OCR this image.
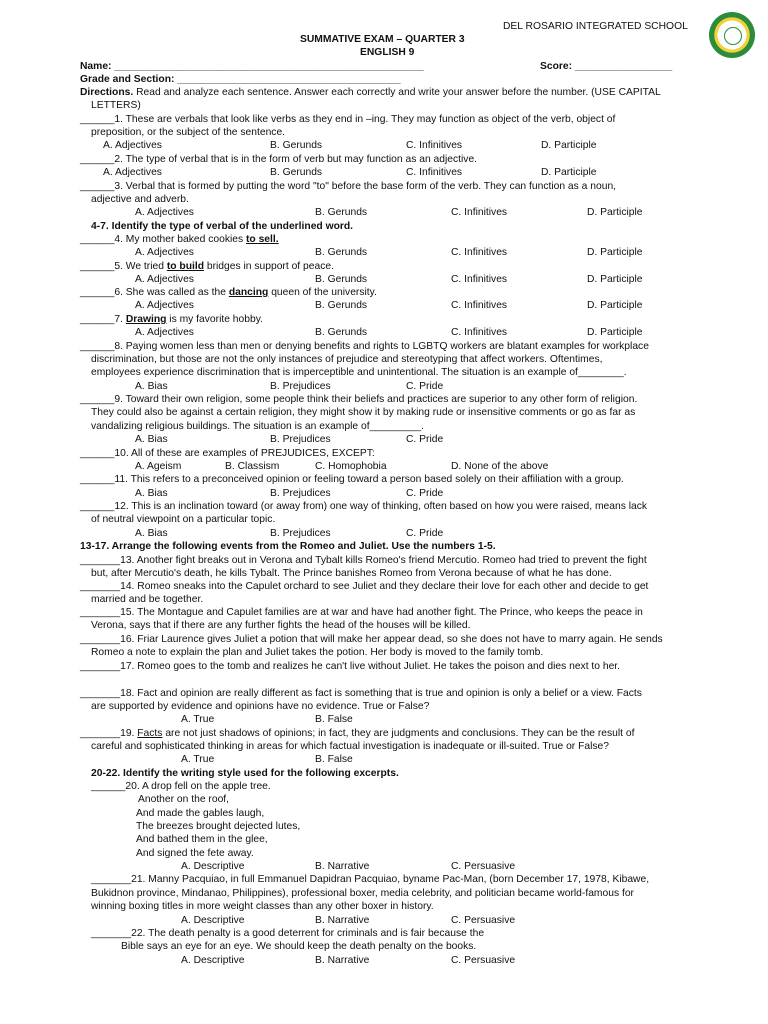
DEL ROSARIO INTEGRATED SCHOOL
SUMMATIVE EXAM – QUARTER 3
ENGLISH 9
Name: ______________________________________________________	Score: _________________
Grade and Section: _______________________________________
Directions. Read and analyze each sentence. Answer each correctly and write your answer before the number. (USE CAPITAL
LETTERS)
______1. These are verbals that look like verbs as they end in –ing. They may function as object of the verb, object of
preposition, or the subject of the sentence.
A. Adjectives	B. Gerunds	C. Infinitives	D. Participle
______2. The type of verbal that is in the form of verb but may function as an adjective.
A. Adjectives	B. Gerunds	C. Infinitives	D. Participle
______3. Verbal that is formed by putting the word "to" before the base form of the verb. They can function as a noun,
adjective and adverb.
A. Adjectives	B. Gerunds	C. Infinitives	D. Participle
4-7. Identify the type of verbal of the underlined word.
______4. My mother baked cookies to sell.
A. Adjectives	B. Gerunds	C. Infinitives	D. Participle
______5. We tried to build bridges in support of peace.
A. Adjectives	B. Gerunds	C. Infinitives	D. Participle
______6. She was called as the dancing queen of the university.
A. Adjectives	B. Gerunds	C. Infinitives	D. Participle
______7. Drawing is my favorite hobby.
A. Adjectives	B. Gerunds	C. Infinitives	D. Participle
______8. Paying women less than men or denying benefits and rights to LGBTQ workers are blatant examples for workplace
discrimination, but those are not the only instances of prejudice and stereotyping that affect workers. Oftentimes,
employees experience discrimination that is imperceptible and unintentional. The situation is an example of________.
A. Bias	B. Prejudices	C. Pride
______9. Toward their own religion, some people think their beliefs and practices are superior to any other form of religion.
They could also be against a certain religion, they might show it by making rude or insensitive comments or go as far as
vandalizing religious buildings. The situation is an example of_________.
A. Bias	B. Prejudices	C. Pride
______10. All of these are examples of PREJUDICES, EXCEPT:
A. Ageism	B. Classism	C. Homophobia	D. None of the above
______11. This refers to a preconceived opinion or feeling toward a person based solely on their affiliation with a group.
A. Bias	B. Prejudices	C. Pride
______12. This is an inclination toward (or away from) one way of thinking, often based on how you were raised, means lack
of neutral viewpoint on a particular topic.
A. Bias	B. Prejudices	C. Pride
13-17. Arrange the following events from the Romeo and Juliet. Use the numbers 1-5.
_______13. Another fight breaks out in Verona and Tybalt kills Romeo's friend Mercutio. Romeo had tried to prevent the fight
but, after Mercutio's death, he kills Tybalt. The Prince banishes Romeo from Verona because of what he has done.
_______14. Romeo sneaks into the Capulet orchard to see Juliet and they declare their love for each other and decide to get
married and be together.
_______15. The Montague and Capulet families are at war and have had another fight. The Prince, who keeps the peace in
Verona, says that if there are any further fights the head of the houses will be killed.
_______16. Friar Laurence gives Juliet a potion that will make her appear dead, so she does not have to marry again. He sends
Romeo a note to explain the plan and Juliet takes the potion. Her body is moved to the family tomb.
_______17. Romeo goes to the tomb and realizes he can't live without Juliet. He takes the poison and dies next to her.
_______18. Fact and opinion are really different as fact is something that is true and opinion is only a belief or a view. Facts
are supported by evidence and opinions have no evidence. True or False?
A. True	B. False
_______19. Facts are not just shadows of opinions; in fact, they are judgments and conclusions. They can be the result of
careful and sophisticated thinking in areas for which factual investigation is inadequate or ill-suited. True or False?
A. True	B. False
20-22. Identify the writing style used for the following excerpts.
______20. A drop fell on the apple tree.
Another on the roof,
And made the gables laugh,
The breezes brought dejected lutes,
And bathed them in the glee,
And signed the fete away.
A. Descriptive	B. Narrative	C. Persuasive
_______21. Manny Pacquiao, in full Emmanuel Dapidran Pacquiao, byname Pac-Man, (born December 17, 1978, Kibawe,
Bukidnon province, Mindanao, Philippines), professional boxer, media celebrity, and politician became world-famous for
winning boxing titles in more weight classes than any other boxer in history.
A. Descriptive	B. Narrative	C. Persuasive
_______22. The death penalty is a good deterrent for criminals and is fair because the
Bible says an eye for an eye. We should keep the death penalty on the books.
A. Descriptive	B. Narrative	C. Persuasive
